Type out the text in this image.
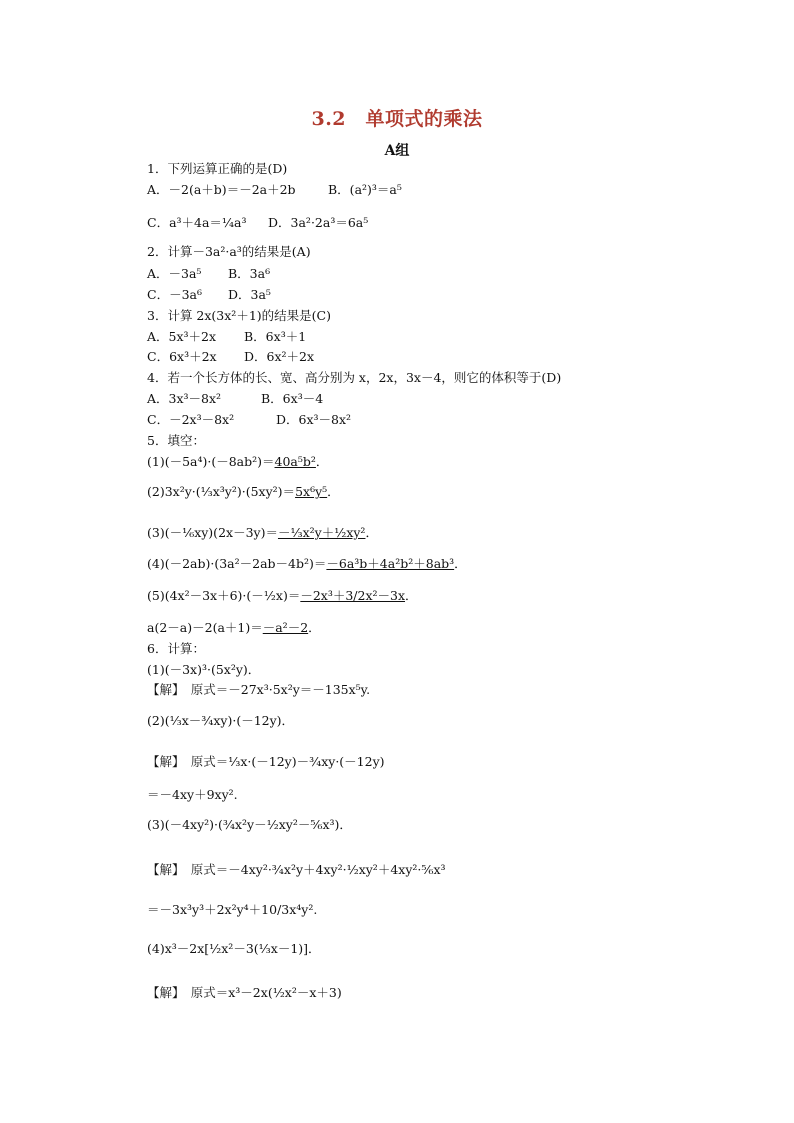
3.2　单项式的乘法
A组
1．下列运算正确的是(D)
A．－2(a＋b)＝－2a＋2b	B．(a²)³＝a⁵
C．a³＋4a＝¼a³ D．3a²·2a³＝6a⁵
2．计算－3a²·a³的结果是(A)
A．－3a⁵ B．3a⁶
C．－3a⁶ D．3a⁵
3．计算 2x(3x²＋1)的结果是(C)
A．5x³＋2x B．6x³＋1
C．6x³＋2x D．6x²＋2x
4．若一个长方体的长、宽、高分别为 x，2x，3x－4，则它的体积等于(D)
A．3x³－8x²	B．6x³－4
C．－2x³－8x²	D．6x³－8x²
5．填空：
(1)(－5a⁴)·(－8ab²)＝40a⁵b²．
(2)3x²y·(⅓x³y²)·(5xy²)＝5x⁶y⁵．
(3)(－⅙xy)(2x－3y)＝－⅓x²y＋½xy²．
(4)(－2ab)·(3a²－2ab－4b²)＝－6a³b＋4a²b²＋8ab³．
(5)(4x²－3x＋6)·(－½x)＝－2x³＋3/2x²－3x．
a(2－a)－2(a＋1)＝－a²－2．
6．计算：
(1)(－3x)³·(5x²y)．
【解】　原式＝－27x³·5x²y＝－135x⁵y.
(2)(⅓x－¾xy)·(－12y)．
【解】　原式＝⅓x·(－12y)－¾xy·(－12y)
＝－4xy＋9xy².
(3)(－4xy²)·(¾x²y－½xy²－⅚x³)．
【解】　原式＝－4xy²·¾x²y＋4xy²·½xy²＋4xy²·⅚x³
＝－3x³y³＋2x²y⁴＋10/3x⁴y².
(4)x³－2x[½x²－3(⅓x－1)]．
【解】　原式＝x³－2x(½x²－x＋3)
